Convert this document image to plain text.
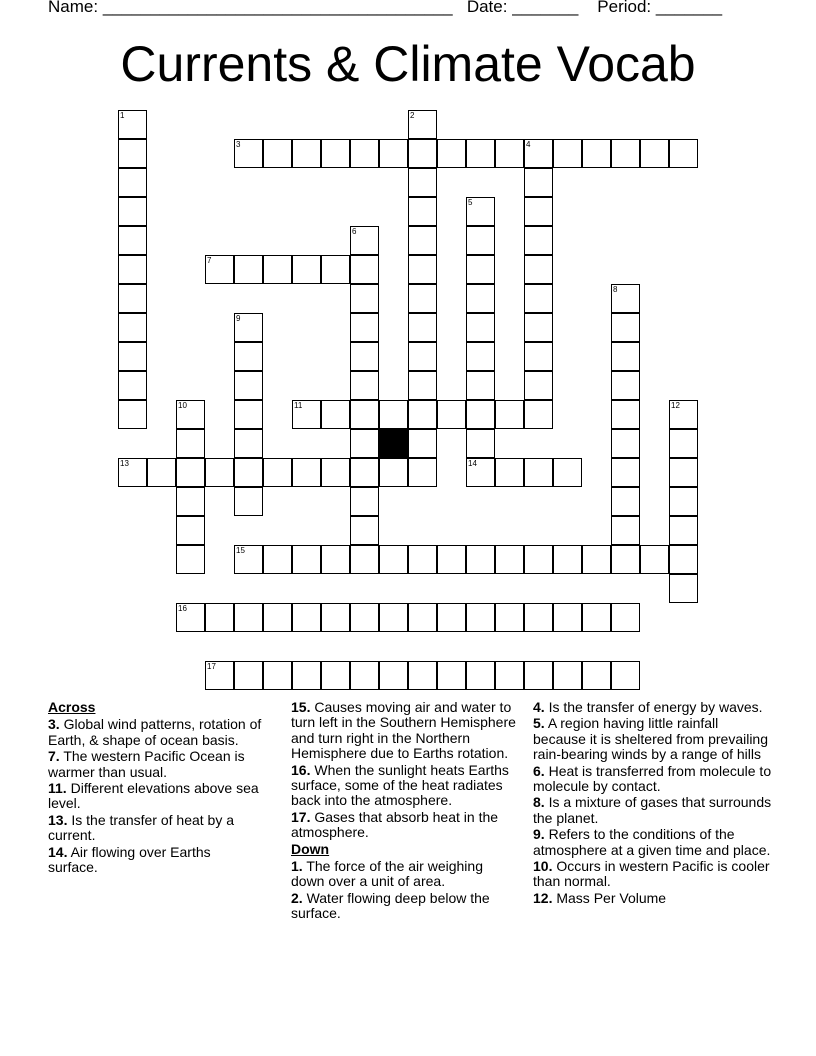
Name: _____________________________________ Date: _______ Period: _______
Currents & Climate Vocab
1	2
3	4
5
14
6
7
8
9
10	11	12
13
15
16
17
Across
3. Global wind patterns, rotation of Earth, & shape of ocean basis.
7. The western Pacific Ocean is warmer than usual.
11. Different elevations above sea level.
13. Is the transfer of heat by a current.
14. Air flowing over Earths surface.
15. Causes moving air and water to turn left in the Southern Hemisphere and turn right in the Northern Hemisphere due to Earths rotation.
16. When the sunlight heats Earths surface, some of the heat radiates back into the atmosphere.
17. Gases that absorb heat in the atmosphere.
Down
1. The force of the air weighing down over a unit of area.
2. Water flowing deep below the surface.
4. Is the transfer of energy by waves.
5. A region having little rainfall because it is sheltered from prevailing rain-bearing winds by a range of hills
6. Heat is transferred from molecule to molecule by contact.
8. Is a mixture of gases that surrounds the planet.
9. Refers to the conditions of the atmosphere at a given time and place.
10. Occurs in western Pacific is cooler than normal.
12. Mass Per Volume
